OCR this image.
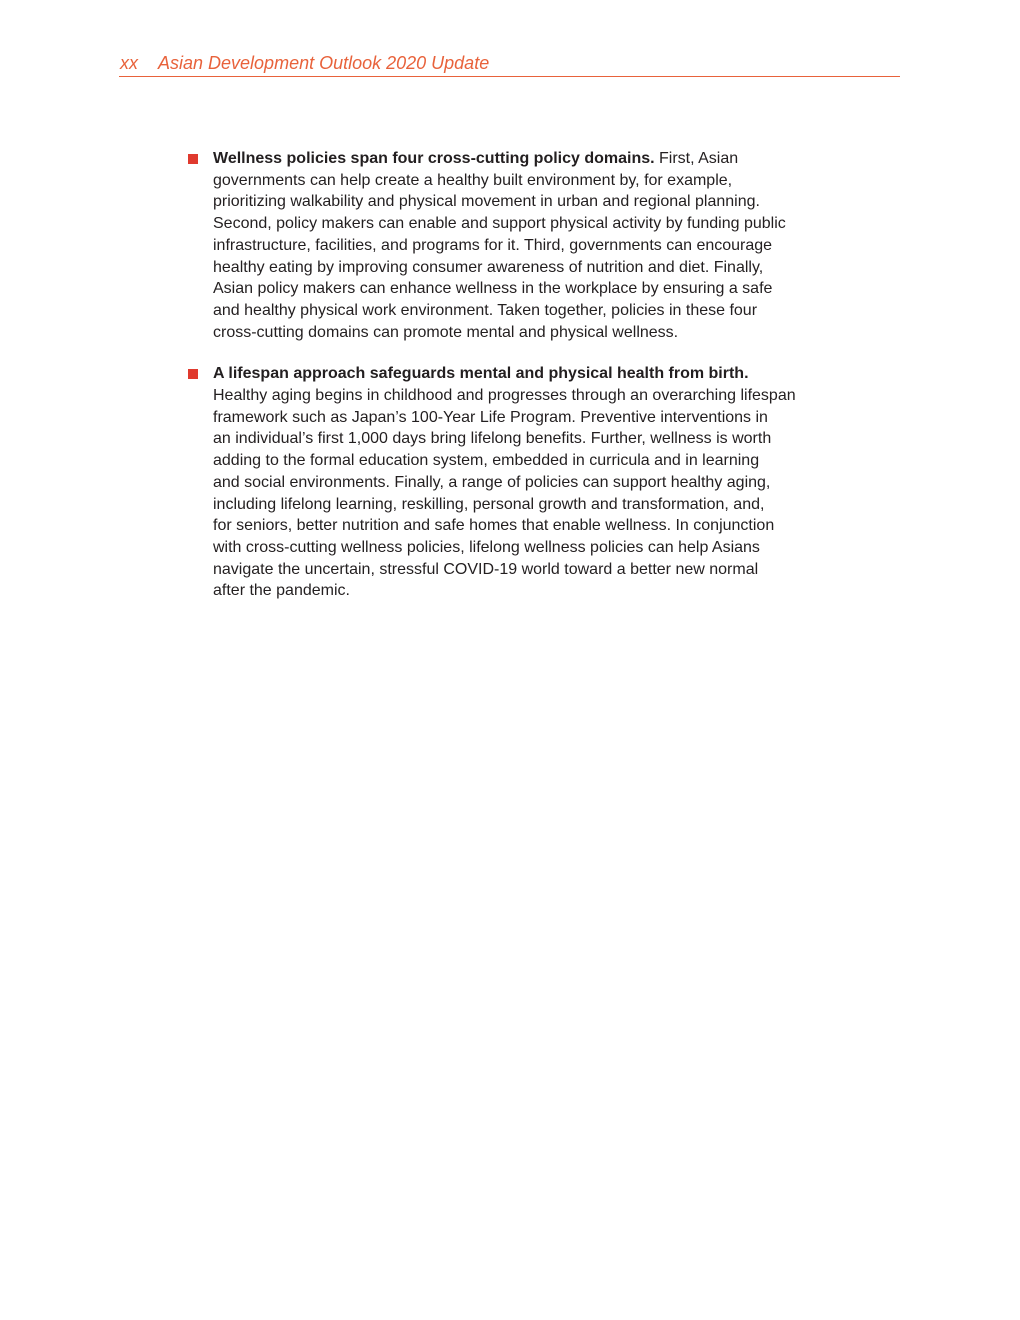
xx Asian Development Outlook 2020 Update
Wellness policies span four cross-cutting policy domains. First, Asian
governments can help create a healthy built environment by, for example,
prioritizing walkability and physical movement in urban and regional planning.
Second, policy makers can enable and support physical activity by funding public
infrastructure, facilities, and programs for it. Third, governments can encourage
healthy eating by improving consumer awareness of nutrition and diet. Finally,
Asian policy makers can enhance wellness in the workplace by ensuring a safe
and healthy physical work environment. Taken together, policies in these four
cross-cutting domains can promote mental and physical wellness.
A lifespan approach safeguards mental and physical health from birth.
Healthy aging begins in childhood and progresses through an overarching lifespan
framework such as Japan’s 100-Year Life Program. Preventive interventions in
an individual’s first 1,000 days bring lifelong benefits. Further, wellness is worth
adding to the formal education system, embedded in curricula and in learning
and social environments. Finally, a range of policies can support healthy aging,
including lifelong learning, reskilling, personal growth and transformation, and,
for seniors, better nutrition and safe homes that enable wellness. In conjunction
with cross-cutting wellness policies, lifelong wellness policies can help Asians
navigate the uncertain, stressful COVID-19 world toward a better new normal
after the pandemic.
